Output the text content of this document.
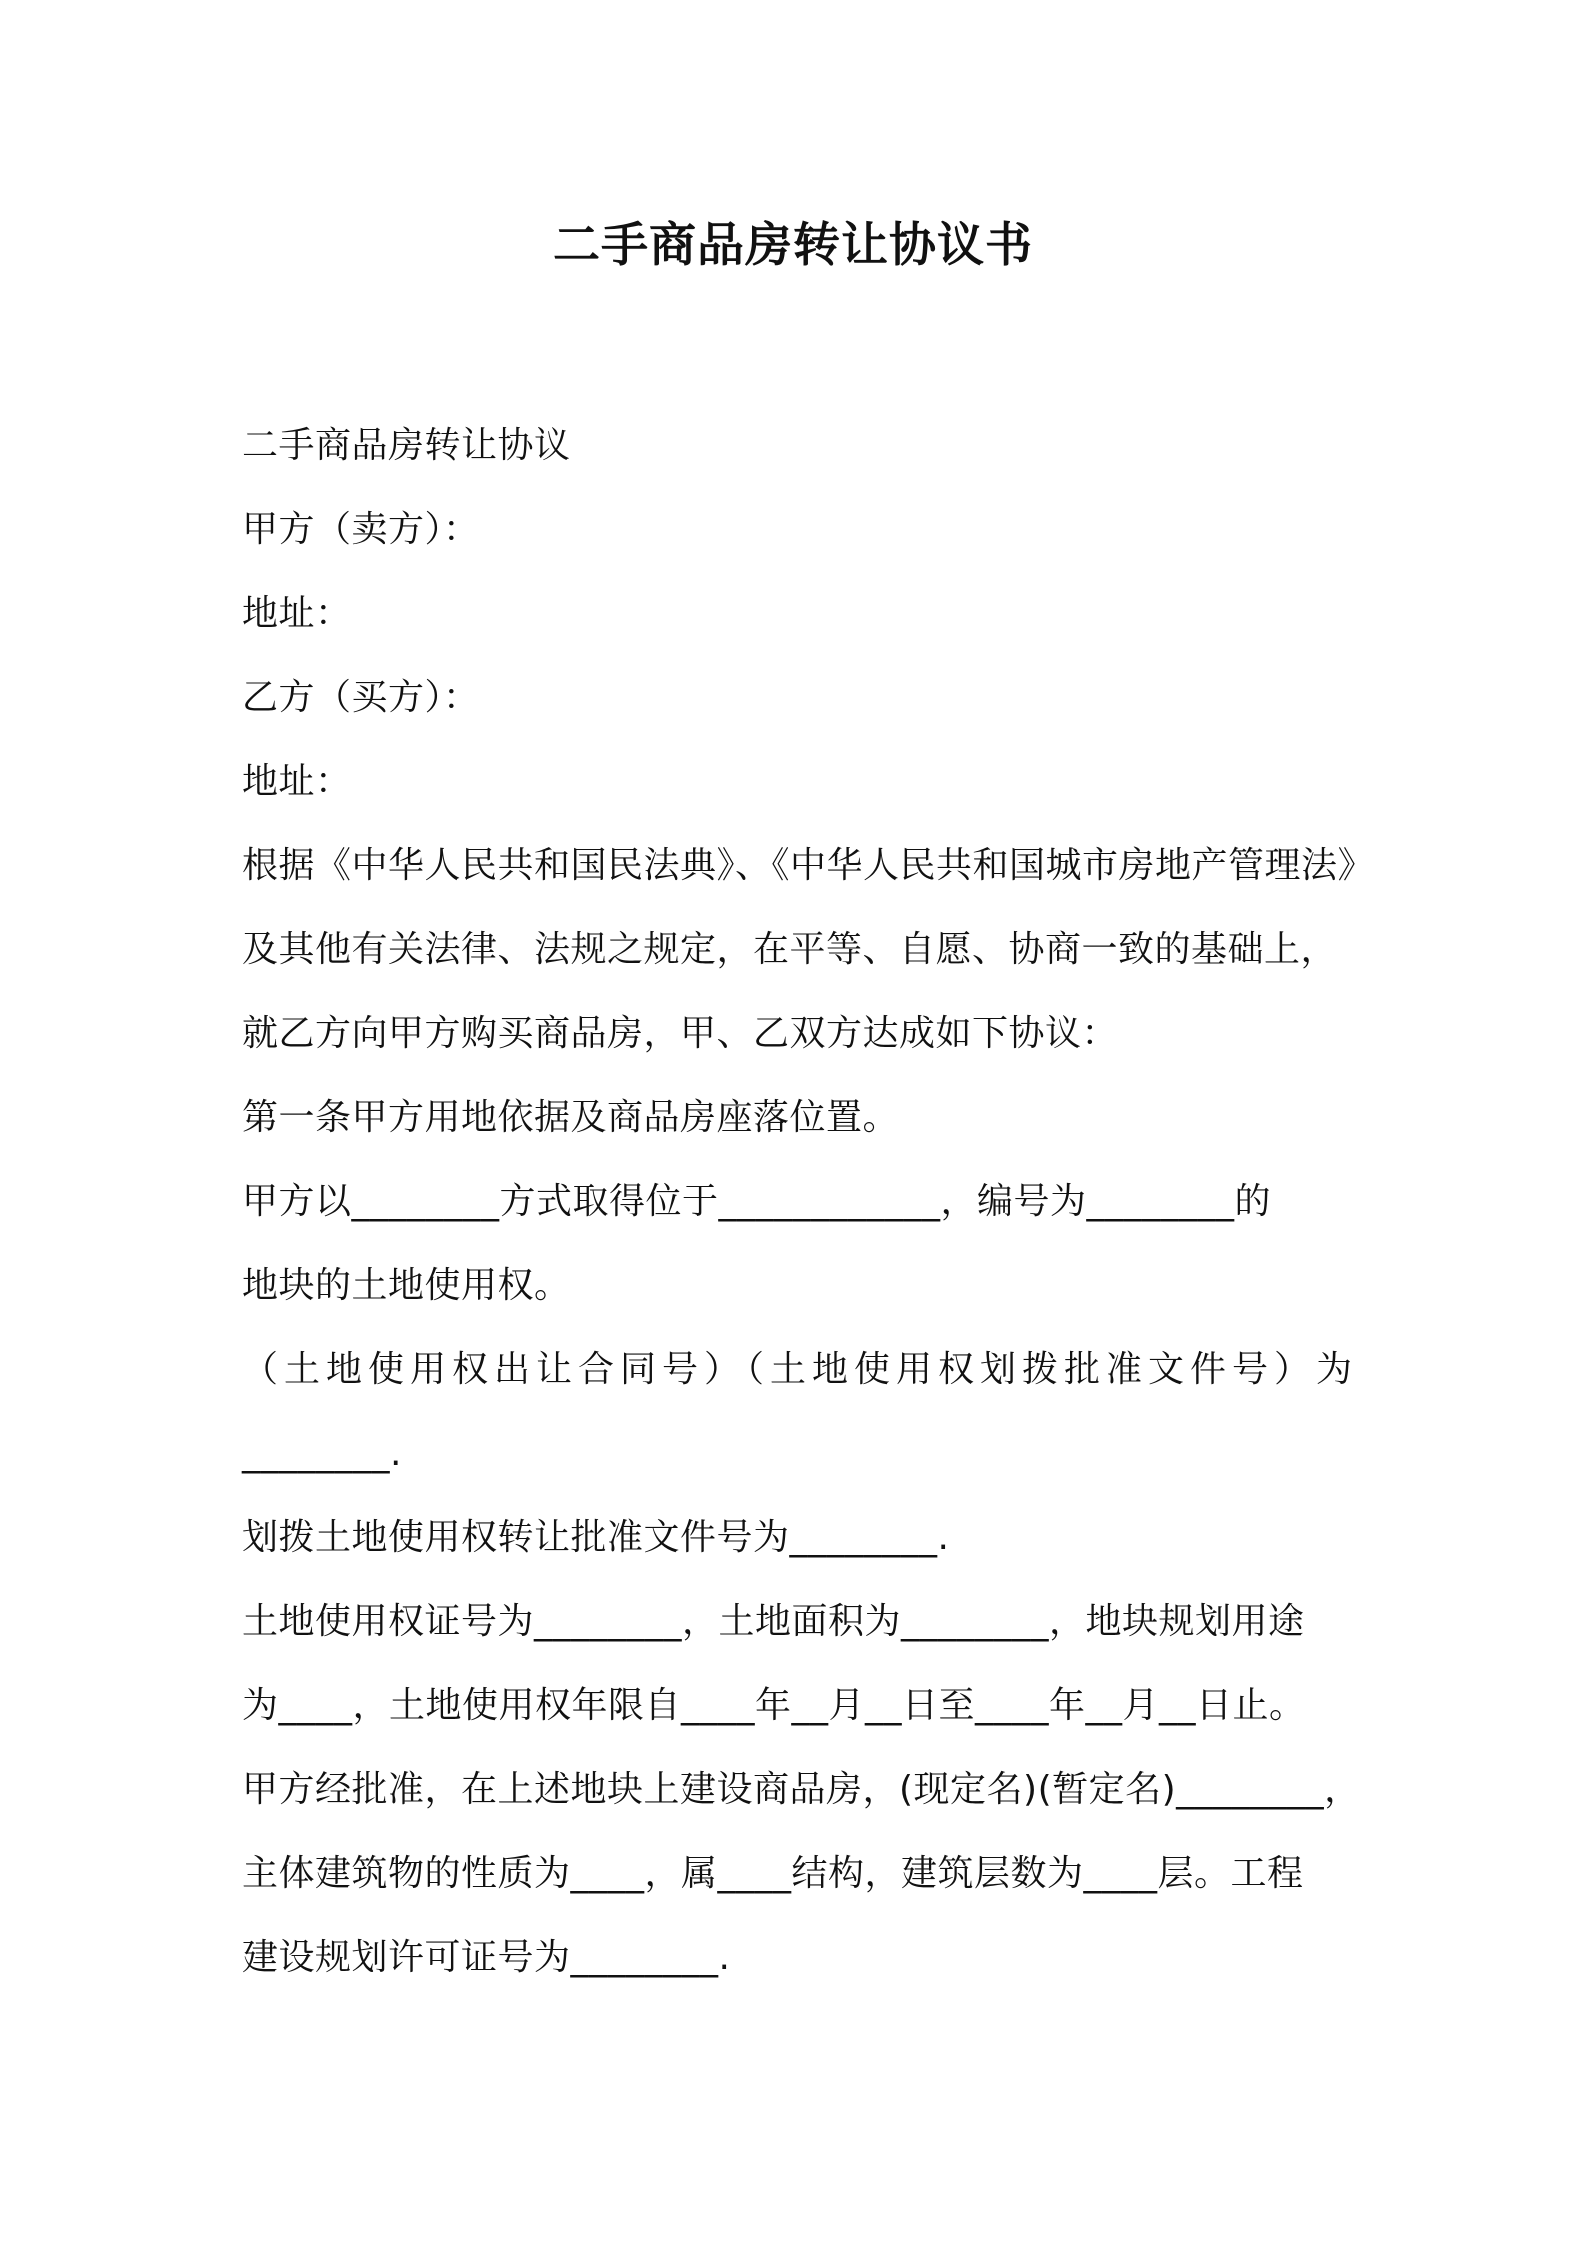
二手商品房转让协议书
二手商品房转让协议
甲方（卖方）：
地址：
乙方（买方）：
地址：
根据《中华人民共和国民法典》、《中华人民共和国城市房地产管理法》
及其他有关法律、法规之规定，在平等、自愿、协商一致的基础上，
就乙方向甲方购买商品房，甲、乙双方达成如下协议：
第一条甲方用地依据及商品房座落位置。
甲方以________方式取得位于____________，编号为________的
地块的土地使用权。
（土地使用权出让合同号）（土地使用权划拨批准文件号）为
________.
划拨土地使用权转让批准文件号为________.
土地使用权证号为________，土地面积为________，地块规划用途
为____，土地使用权年限自____年__月__日至____年__月__日止。
甲方经批准，在上述地块上建设商品房，(现定名)(暂定名)________，
主体建筑物的性质为____，属____结构，建筑层数为____层。工程
建设规划许可证号为________.
